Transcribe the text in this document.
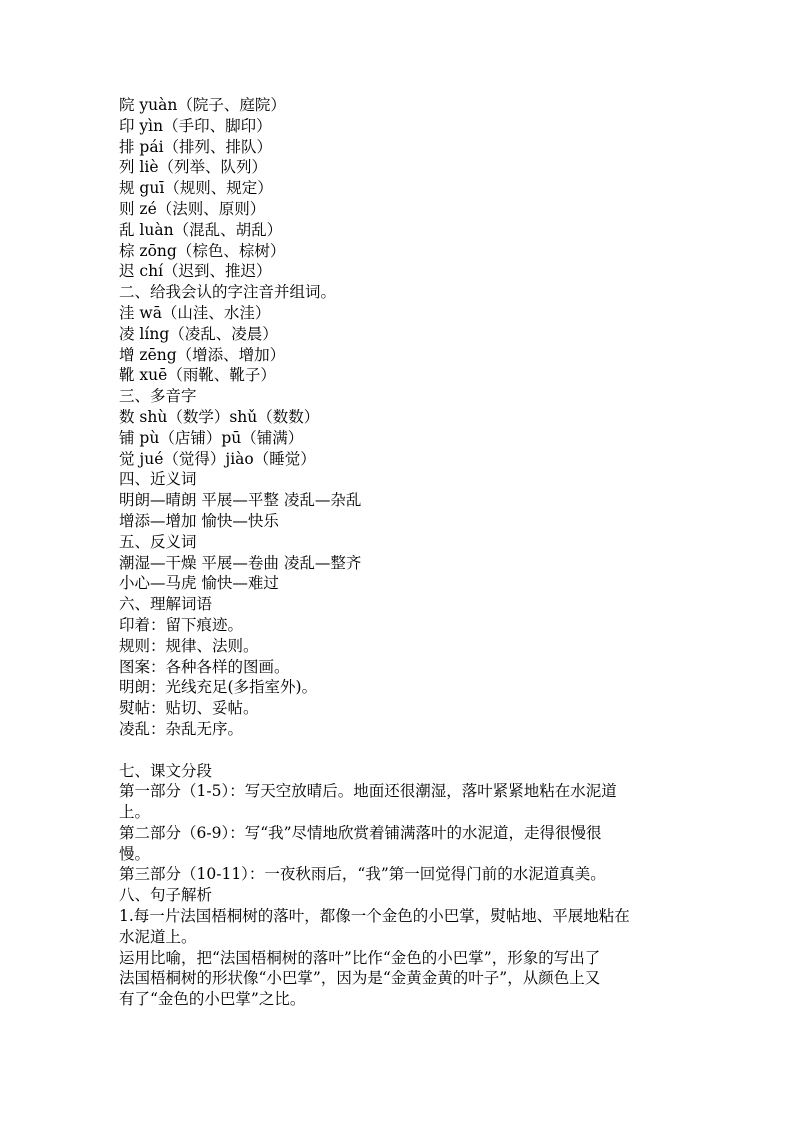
院 yuàn（院子、庭院）
印 yìn（手印、脚印）
排 pái（排列、排队）
列 liè（列举、队列）
规 guī（规则、规定）
则 zé（法则、原则）
乱 luàn（混乱、胡乱）
棕 zōng（棕色、棕树）
迟 chí（迟到、推迟）
二、给我会认的字注音并组词。
洼 wā（山洼、水洼）
凌 líng（凌乱、凌晨）
增 zēng（增添、增加）
靴 xuē（雨靴、靴子）
三、多音字
数 shù（数学）shǔ（数数）
铺 pù（店铺）pū（铺满）
觉 jué（觉得）jiào（睡觉）
四、近义词
明朗—晴朗 平展—平整 凌乱—杂乱
增添—增加 愉快—快乐
五、反义词
潮湿—干燥 平展—卷曲 凌乱—整齐
小心—马虎 愉快—难过
六、理解词语
印着：留下痕迹。
规则：规律、法则。
图案：各种各样的图画。
明朗：光线充足(多指室外)。
熨帖：贴切、妥帖。
凌乱：杂乱无序。
七、课文分段
第一部分（1-5）：写天空放晴后。地面还很潮湿，落叶紧紧地粘在水泥道
上。
第二部分（6-9）：写“我”尽情地欣赏着铺满落叶的水泥道，走得很慢很
慢。
第三部分（10-11）：一夜秋雨后，“我”第一回觉得门前的水泥道真美。
八、句子解析
1.每一片法国梧桐树的落叶，都像一个金色的小巴掌，熨帖地、平展地粘在
水泥道上。
运用比喻，把“法国梧桐树的落叶”比作“金色的小巴掌”，形象的写出了
法国梧桐树的形状像“小巴掌”，因为是“金黄金黄的叶子”，从颜色上又
有了“金色的小巴掌”之比。
